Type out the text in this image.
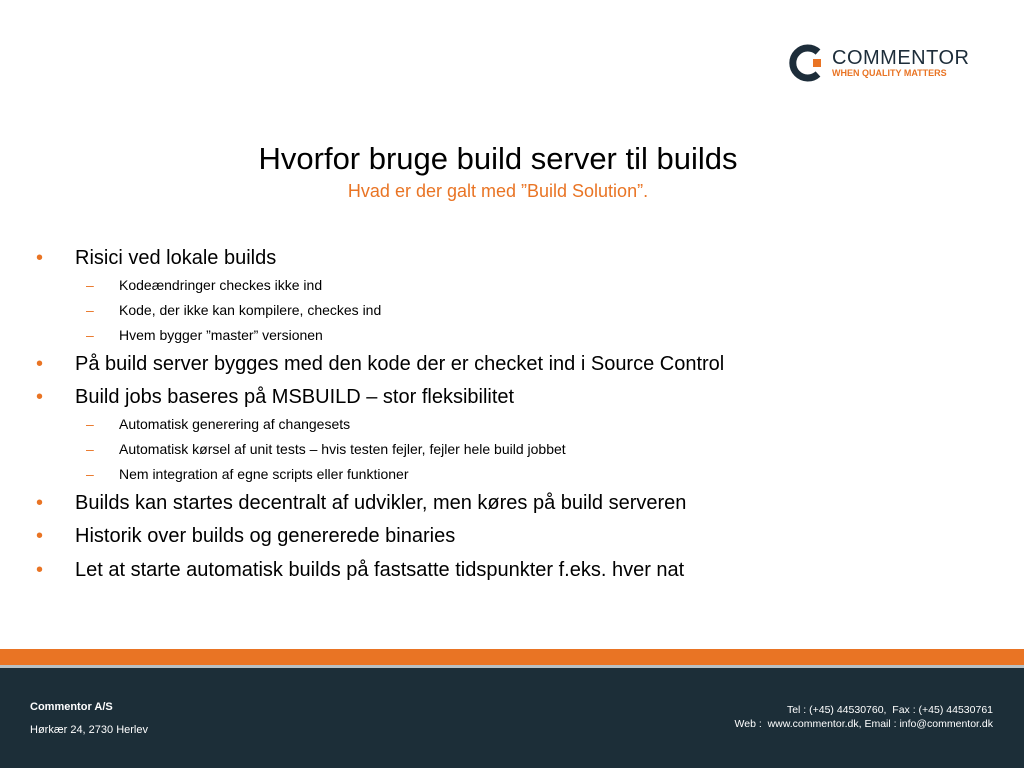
COMMENTOR
WHEN QUALITY MATTERS
Hvorfor bruge build server til builds
Hvad er der galt med ”Build Solution”.
• Risici ved lokale builds
– Kodeændringer checkes ikke ind
– Kode, der ikke kan kompilere, checkes ind
– Hvem bygger ”master” versionen
• På build server bygges med den kode der er checket ind i Source Control
• Build jobs baseres på MSBUILD – stor fleksibilitet
– Automatisk generering af changesets
– Automatisk kørsel af unit tests – hvis testen fejler, fejler hele build jobbet
– Nem integration af egne scripts eller funktioner
• Builds kan startes decentralt af udvikler, men køres på build serveren
• Historik over builds og genererede binaries
• Let at starte automatisk builds på fastsatte tidspunkter f.eks. hver nat
Commentor A/S
Hørkær 24, 2730 Herlev
Tel : (+45) 44530760,  Fax : (+45) 44530761
Web :  www.commentor.dk, Email : info@commentor.dk
